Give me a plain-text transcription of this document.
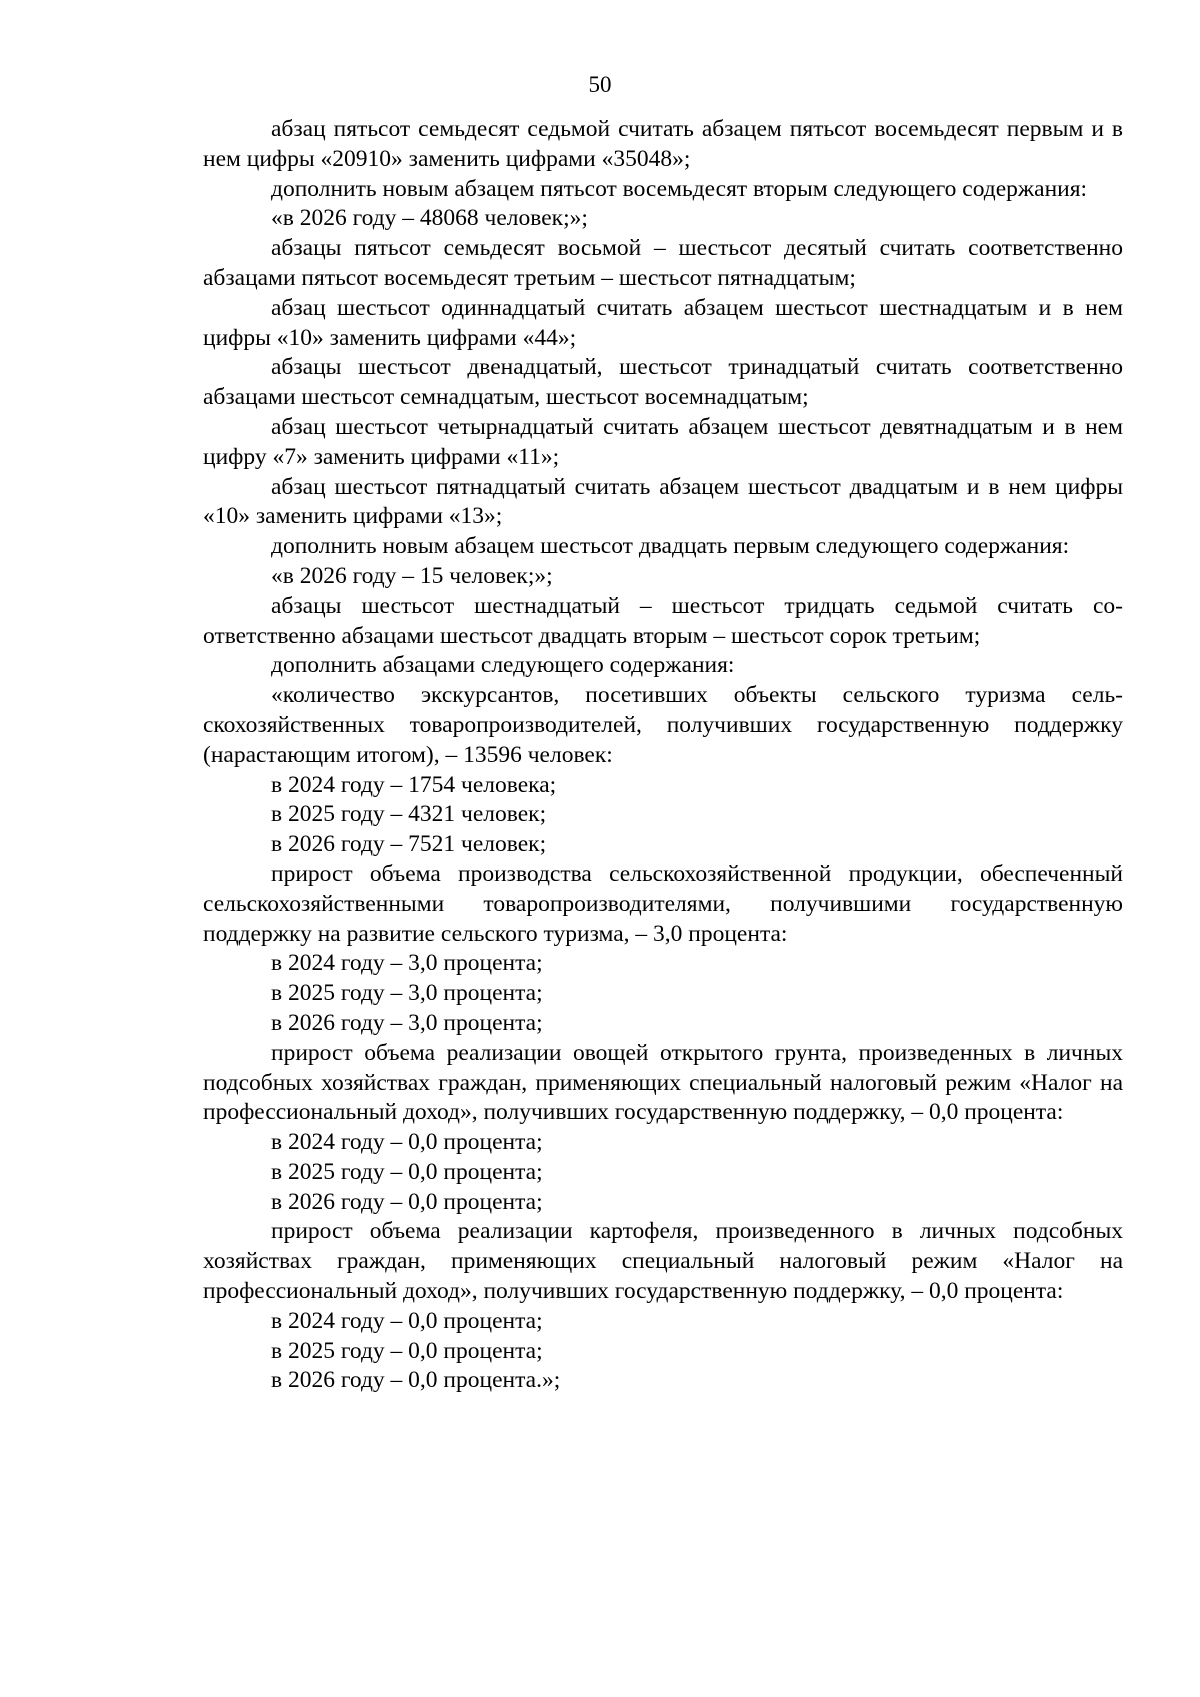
50

абзац пятьсот семьдесят седьмой считать абзацем пятьсот восемьдесят первым и в нем цифры «20910» заменить цифрами «35048»;

дополнить новым абзацем пятьсот восемьдесят вторым следующего содержания:

«в 2026 году – 48068 человек;»;

абзацы пятьсот семьдесят восьмой – шестьсот десятый считать соответственно абзацами пятьсот восемьдесят третьим – шестьсот пятнадцатым;

абзац шестьсот одиннадцатый считать абзацем шестьсот шестнадцатым и в нем цифры «10» заменить цифрами «44»;

абзацы шестьсот двенадцатый, шестьсот тринадцатый считать соответственно абзацами шестьсот семнадцатым, шестьсот восемнадцатым;

абзац шестьсот четырнадцатый считать абзацем шестьсот девятнадцатым и в нем цифру «7» заменить цифрами «11»;

абзац шестьсот пятнадцатый считать абзацем шестьсот двадцатым и в нем цифры «10» заменить цифрами «13»;

дополнить новым абзацем шестьсот двадцать первым следующего содержания:

«в 2026 году – 15 человек;»;

абзацы шестьсот шестнадцатый – шестьсот тридцать седьмой считать соответственно абзацами шестьсот двадцать вторым – шестьсот сорок третьим;

дополнить абзацами следующего содержания:

«количество экскурсантов, посетивших объекты сельского туризма сельскохозяйственных товаропроизводителей, получивших государственную поддержку (нарастающим итогом), – 13596 человек:

в 2024 году – 1754 человека;

в 2025 году – 4321 человек;

в 2026 году – 7521 человек;

прирост объема производства сельскохозяйственной продукции, обеспеченный сельскохозяйственными товаропроизводителями, получившими государственную поддержку на развитие сельского туризма, – 3,0 процента:

в 2024 году – 3,0 процента;

в 2025 году – 3,0 процента;

в 2026 году – 3,0 процента;

прирост объема реализации овощей открытого грунта, произведенных в личных подсобных хозяйствах граждан, применяющих специальный налоговый режим «Налог на профессиональный доход», получивших государственную поддержку, – 0,0 процента:

в 2024 году – 0,0 процента;

в 2025 году – 0,0 процента;

в 2026 году – 0,0 процента;

прирост объема реализации картофеля, произведенного в личных подсобных хозяйствах граждан, применяющих специальный налоговый режим «Налог на профессиональный доход», получивших государственную поддержку, – 0,0 процента:

в 2024 году – 0,0 процента;

в 2025 году – 0,0 процента;

в 2026 году – 0,0 процента.»;
